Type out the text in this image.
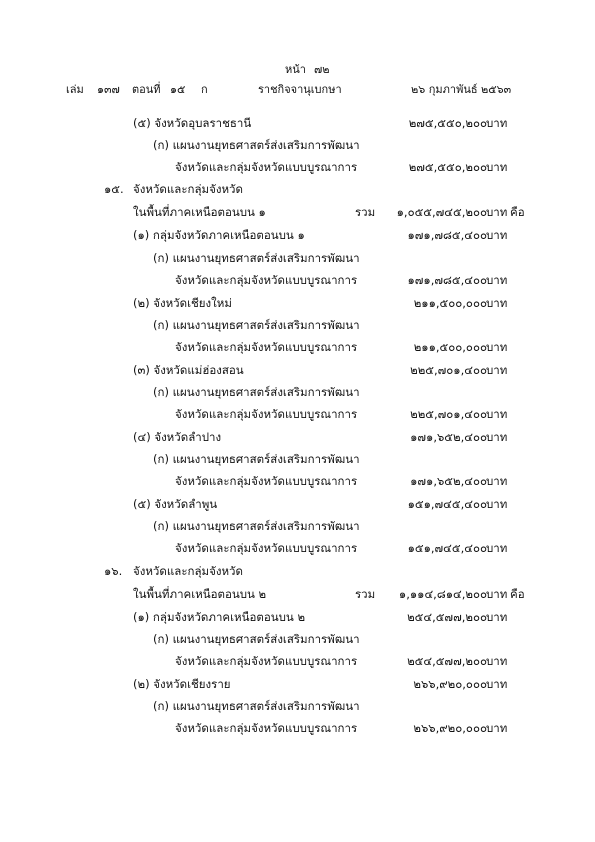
หน้า ๗๒
เล่ม ๑๓๗ ตอนที่ ๑๕ ก	ราชกิจจานุเบกษา	๒๖ กุมภาพันธ์ ๒๕๖๓
(๕) จังหวัดอุบลราชธานี	๒๗๕,๕๕๐,๒๐๐ บาท
(ก) แผนงานยุทธศาสตร์ส่งเสริมการพัฒนา
จังหวัดและกลุ่มจังหวัดแบบบูรณาการ	๒๗๕,๕๕๐,๒๐๐ บาท
๑๕. จังหวัดและกลุ่มจังหวัด
ในพื้นที่ภาคเหนือตอนบน ๑	รวม ๑,๐๕๕,๗๔๕,๒๐๐ บาท คือ
(๑) กลุ่มจังหวัดภาคเหนือตอนบน ๑	๑๗๑,๗๘๕,๔๐๐ บาท
(ก) แผนงานยุทธศาสตร์ส่งเสริมการพัฒนา
จังหวัดและกลุ่มจังหวัดแบบบูรณาการ	๑๗๑,๗๘๕,๔๐๐ บาท
(๒) จังหวัดเชียงใหม่	๒๑๑,๕๐๐,๐๐๐ บาท
(ก) แผนงานยุทธศาสตร์ส่งเสริมการพัฒนา
จังหวัดและกลุ่มจังหวัดแบบบูรณาการ	๒๑๑,๕๐๐,๐๐๐ บาท
(๓) จังหวัดแม่ฮ่องสอน	๒๒๕,๗๐๑,๔๐๐ บาท
(ก) แผนงานยุทธศาสตร์ส่งเสริมการพัฒนา
จังหวัดและกลุ่มจังหวัดแบบบูรณาการ	๒๒๕,๗๐๑,๔๐๐ บาท
(๔) จังหวัดลำปาง	๑๗๑,๖๕๒,๔๐๐ บาท
(ก) แผนงานยุทธศาสตร์ส่งเสริมการพัฒนา
จังหวัดและกลุ่มจังหวัดแบบบูรณาการ	๑๗๑,๖๕๒,๔๐๐ บาท
(๕) จังหวัดลำพูน	๑๕๑,๗๔๕,๔๐๐ บาท
(ก) แผนงานยุทธศาสตร์ส่งเสริมการพัฒนา
จังหวัดและกลุ่มจังหวัดแบบบูรณาการ	๑๕๑,๗๔๕,๔๐๐ บาท
๑๖. จังหวัดและกลุ่มจังหวัด
ในพื้นที่ภาคเหนือตอนบน ๒	รวม ๑,๑๑๔,๘๑๔,๒๐๐ บาท คือ
(๑) กลุ่มจังหวัดภาคเหนือตอนบน ๒	๒๕๔,๕๗๗,๒๐๐ บาท
(ก) แผนงานยุทธศาสตร์ส่งเสริมการพัฒนา
จังหวัดและกลุ่มจังหวัดแบบบูรณาการ	๒๕๔,๕๗๗,๒๐๐ บาท
(๒) จังหวัดเชียงราย	๒๖๖,๙๒๐,๐๐๐ บาท
(ก) แผนงานยุทธศาสตร์ส่งเสริมการพัฒนา
จังหวัดและกลุ่มจังหวัดแบบบูรณาการ	๒๖๖,๙๒๐,๐๐๐ บาท
